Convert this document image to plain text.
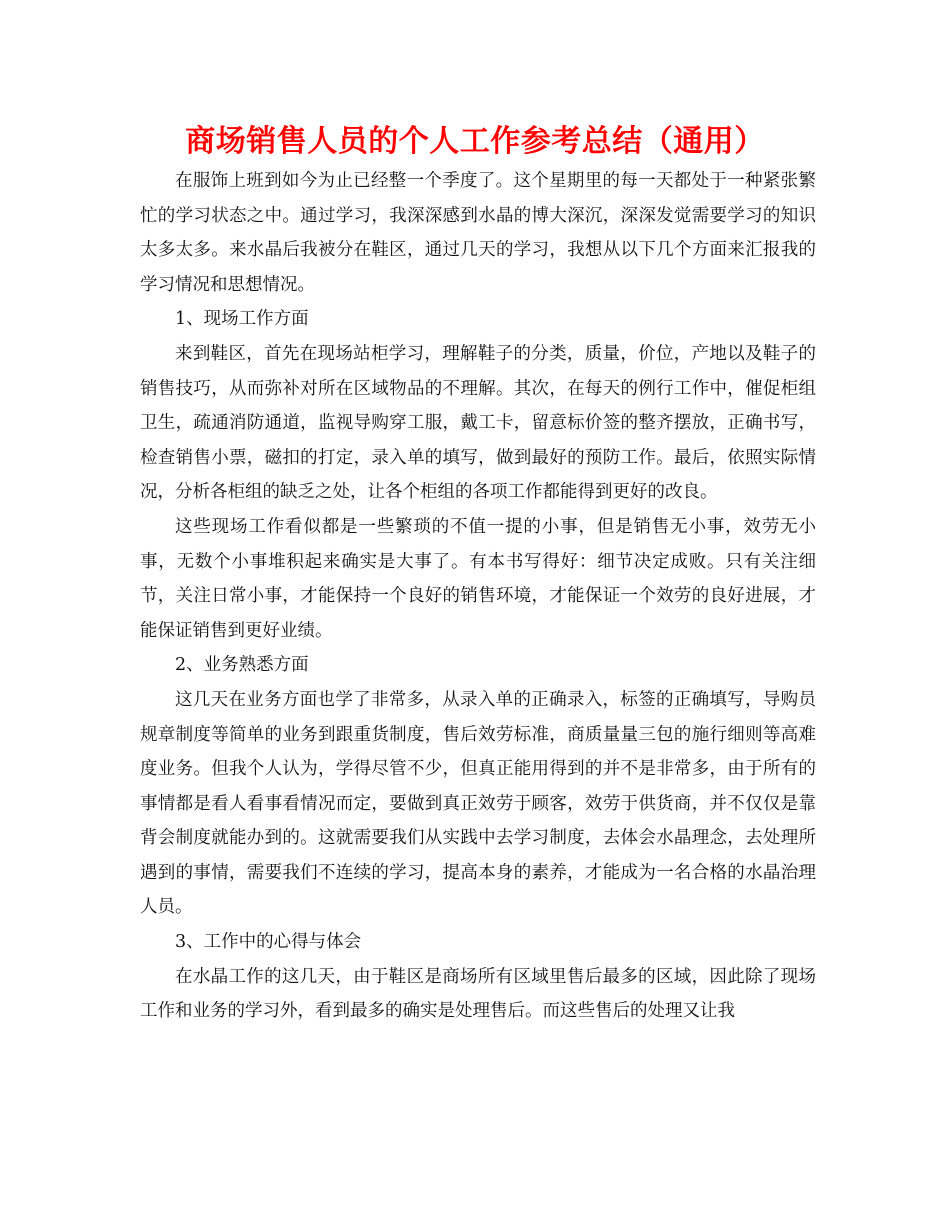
商场销售人员的个人工作参考总结（通用）

在服饰上班到如今为止已经整一个季度了。这个星期里的每一天都处于一种紧张繁忙的学习状态之中。通过学习，我深深感到水晶的博大深沉，深深发觉需要学习的知识太多太多。来水晶后我被分在鞋区，通过几天的学习，我想从以下几个方面来汇报我的学习情况和思想情况。

1、现场工作方面

来到鞋区，首先在现场站柜学习，理解鞋子的分类，质量，价位，产地以及鞋子的销售技巧，从而弥补对所在区域物品的不理解。其次，在每天的例行工作中，催促柜组卫生，疏通消防通道，监视导购穿工服，戴工卡，留意标价签的整齐摆放，正确书写，检查销售小票，磁扣的打定，录入单的填写，做到最好的预防工作。最后，依照实际情况，分析各柜组的缺乏之处，让各个柜组的各项工作都能得到更好的改良。

这些现场工作看似都是一些繁琐的不值一提的小事，但是销售无小事，效劳无小事，无数个小事堆积起来确实是大事了。有本书写得好：细节决定成败。只有关注细节，关注日常小事，才能保持一个良好的销售环境，才能保证一个效劳的良好进展，才能保证销售到更好业绩。

2、业务熟悉方面

这几天在业务方面也学了非常多，从录入单的正确录入，标签的正确填写，导购员规章制度等简单的业务到跟重货制度，售后效劳标准，商质量量三包的施行细则等高难度业务。但我个人认为，学得尽管不少，但真正能用得到的并不是非常多，由于所有的事情都是看人看事看情况而定，要做到真正效劳于顾客，效劳于供货商，并不仅仅是靠背会制度就能办到的。这就需要我们从实践中去学习制度，去体会水晶理念，去处理所遇到的事情，需要我们不连续的学习，提高本身的素养，才能成为一名合格的水晶治理人员。

3、工作中的心得与体会

在水晶工作的这几天，由于鞋区是商场所有区域里售后最多的区域，因此除了现场工作和业务的学习外，看到最多的确实是处理售后。而这些售后的处理又让我
